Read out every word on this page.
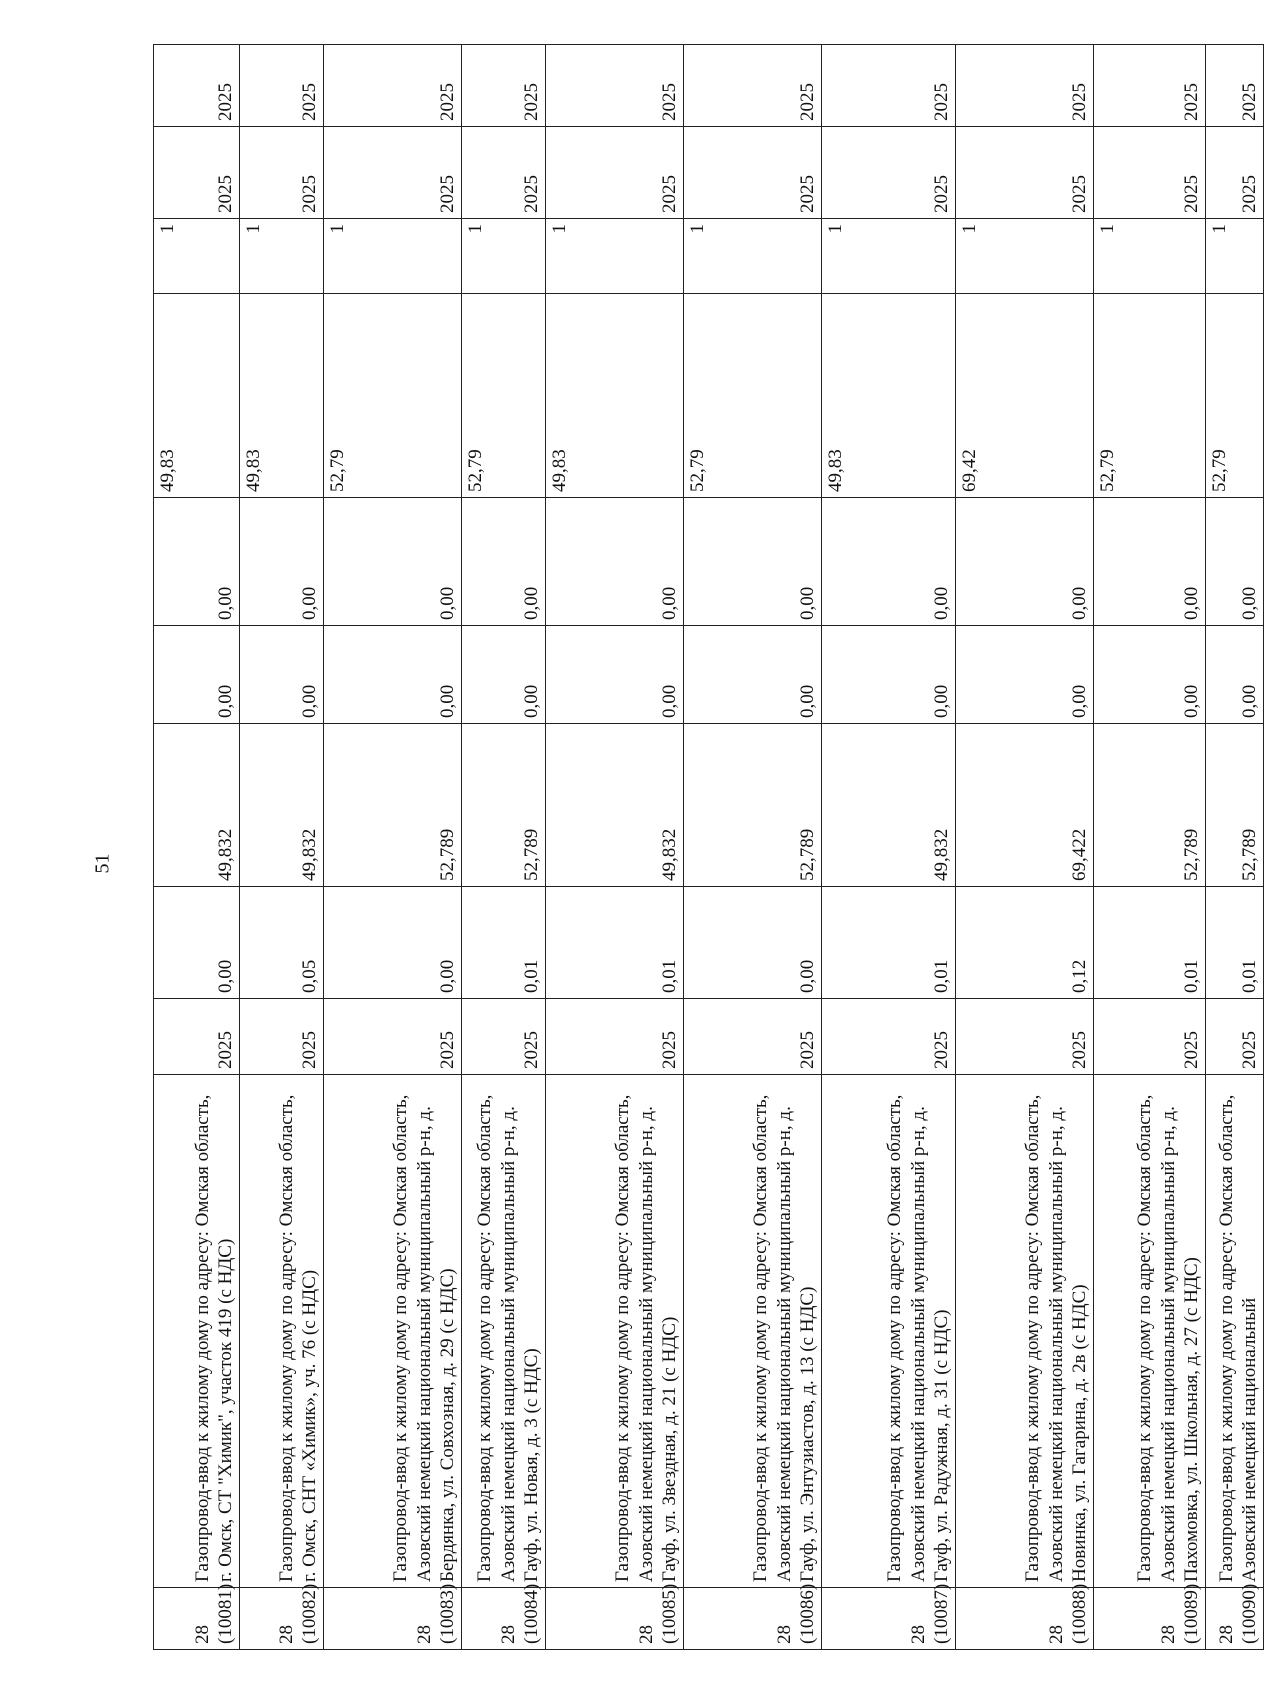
51
28 (10081)	Газопровод-ввод к жилому дому по адресу: Омская область, г. Омск, СТ "Химик", участок 419 (с НДС)	2025	0,00	49,832	0,00	0,00	49,83	1	2025	2025

28 (10082)	Газопровод-ввод к жилому дому по адресу: Омская область, г. Омск, СНТ «Химик», уч. 76 (с НДС)	2025	0,05	49,832	0,00	0,00	49,83	1	2025	2025

28 (10083)	Газопровод-ввод к жилому дому по адресу: Омская область, Азовский немецкий национальный муниципальный р-н, д. Бердянка, ул. Совхозная, д. 29 (с НДС)	2025	0,00	52,789	0,00	0,00	52,79	1	2025	2025

28 (10084)	Газопровод-ввод к жилому дому по адресу: Омская область, Азовский немецкий национальный муниципальный р-н, д. Гауф, ул. Новая, д. 3 (с НДС)	2025	0,01	52,789	0,00	0,00	52,79	1	2025	2025

28 (10085)	Газопровод-ввод к жилому дому по адресу: Омская область, Азовский немецкий национальный муниципальный р-н, д. Гауф, ул. Звездная, д. 21 (с НДС)	2025	0,01	49,832	0,00	0,00	49,83	1	2025	2025

28 (10086)	Газопровод-ввод к жилому дому по адресу: Омская область, Азовский немецкий национальный муниципальный р-н, д. Гауф, ул. Энтузиастов, д. 13 (с НДС)	2025	0,00	52,789	0,00	0,00	52,79	1	2025	2025

28 (10087)	Газопровод-ввод к жилому дому по адресу: Омская область, Азовский немецкий национальный муниципальный р-н, д. Гауф, ул. Радужная, д. 31 (с НДС)	2025	0,01	49,832	0,00	0,00	49,83	1	2025	2025

28 (10088)	Газопровод-ввод к жилому дому по адресу: Омская область, Азовский немецкий национальный муниципальный р-н, д. Новинка, ул. Гагарина, д. 2в (с НДС)	2025	0,12	69,422	0,00	0,00	69,42	1	2025	2025

28 (10089)	Газопровод-ввод к жилому дому по адресу: Омская область, Азовский немецкий национальный муниципальный р-н, д. Пахомовка, ул. Школьная, д. 27 (с НДС)	2025	0,01	52,789	0,00	0,00	52,79	1	2025	2025

28 (10090)	Газопровод-ввод к жилому дому по адресу: Омская область, Азовский немецкий национальный	2025	0,01	52,789	0,00	0,00	52,79	1	2025	2025
